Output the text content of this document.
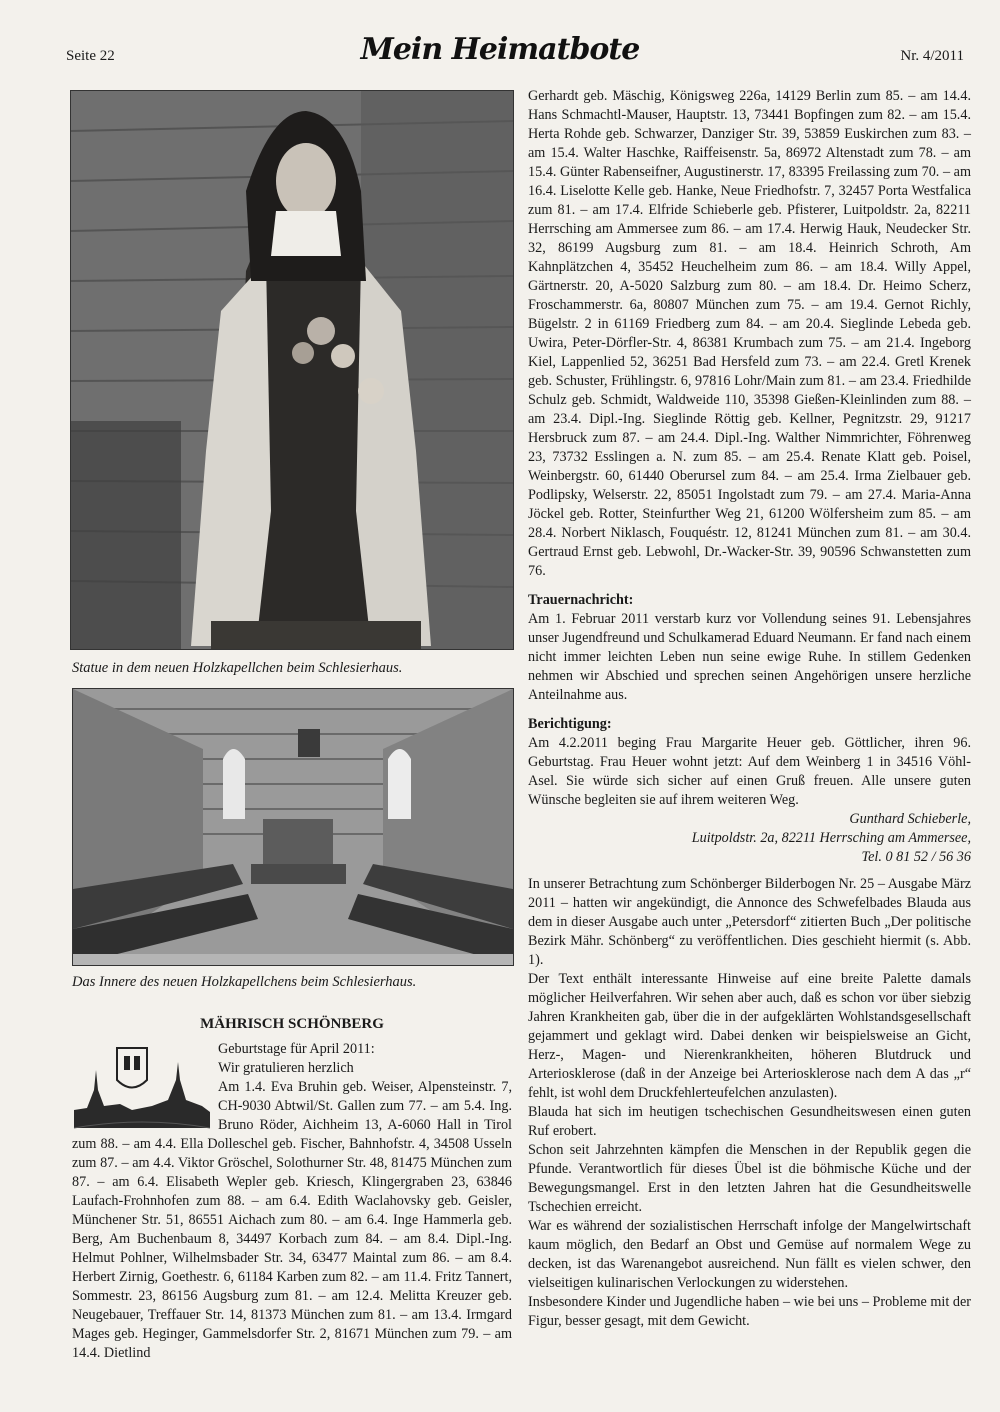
Seite 22	Mein Heimatbote	Nr. 4/2011
Statue in dem neuen Holzkapellchen beim Schlesierhaus.
Das Innere des neuen Holzkapellchens beim Schlesierhaus.
MÄHRISCH SCHÖNBERG

Geburtstage für April 2011:

Wir gratulieren herzlich

Am 1.4. Eva Bruhin geb. Weiser, Alpensteinstr. 7, CH-9030 Abtwil/St. Gallen zum 77. – am 5.4. Ing. Bruno Röder, Aichheim 13, A-6060 Hall in Tirol zum 88. – am 4.4. Ella Dolleschel geb. Fischer, Bahnhofstr. 4, 34508 Usseln zum 87. – am 4.4. Viktor Gröschel, Solothurner Str. 48, 81475 München zum 87. – am 6.4. Elisabeth Wepler geb. Kriesch, Klingergraben 23, 63846 Laufach-Frohnhofen zum 88. – am 6.4. Edith Waclahovsky geb. Geisler, Münchener Str. 51, 86551 Aichach zum 80. – am 6.4. Inge Hammerla geb. Berg, Am Buchenbaum 8, 34497 Korbach zum 84. – am 8.4. Dipl.-Ing. Helmut Pohlner, Wilhelmsbader Str. 34, 63477 Maintal zum 86. – am 8.4. Herbert Zirnig, Goethestr. 6, 61184 Karben zum 82. – am 11.4. Fritz Tannert, Sommestr. 23, 86156 Augsburg zum 81. – am 12.4. Melitta Kreuzer geb. Neugebauer, Treffauer Str. 14, 81373 München zum 81. – am 13.4. Irmgard Mages geb. Heginger, Gammelsdorfer Str. 2, 81671 München zum 79. – am 14.4. Dietlind

Gerhardt geb. Mäschig, Königsweg 226a, 14129 Berlin zum 85. – am 14.4. Hans Schmachtl-Mauser, Hauptstr. 13, 73441 Bopfingen zum 82. – am 15.4. Herta Rohde geb. Schwarzer, Danziger Str. 39, 53859 Euskirchen zum 83. – am 15.4. Walter Haschke, Raiffeisenstr. 5a, 86972 Altenstadt zum 78. – am 15.4. Günter Rabenseifner, Augustinerstr. 17, 83395 Freilassing zum 70. – am 16.4. Liselotte Kelle geb. Hanke, Neue Friedhofstr. 7, 32457 Porta Westfalica zum 81. – am 17.4. Elfride Schieberle geb. Pfisterer, Luitpoldstr. 2a, 82211 Herrsching am Ammersee zum 86. – am 17.4. Herwig Hauk, Neudecker Str. 32, 86199 Augsburg zum 81. – am 18.4. Heinrich Schroth, Am Kahnplätzchen 4, 35452 Heuchelheim zum 86. – am 18.4. Willy Appel, Gärtnerstr. 20, A-5020 Salzburg zum 80. – am 18.4. Dr. Heimo Scherz, Froschammerstr. 6a, 80807 München zum 75. – am 19.4. Gernot Richly, Bügelstr. 2 in 61169 Friedberg zum 84. – am 20.4. Sieglinde Lebeda geb. Uwira, Peter-Dörfler-Str. 4, 86381 Krumbach zum 75. – am 21.4. Ingeborg Kiel, Lappenlied 52, 36251 Bad Hersfeld zum 73. – am 22.4. Gretl Krenek geb. Schuster, Frühlingstr. 6, 97816 Lohr/Main zum 81. – am 23.4. Friedhilde Schulz geb. Schmidt, Waldweide 110, 35398 Gießen-Kleinlinden zum 88. – am 23.4. Dipl.-Ing. Sieglinde Röttig geb. Kellner, Pegnitzstr. 29, 91217 Hersbruck zum 87. – am 24.4. Dipl.-Ing. Walther Nimmrichter, Föhrenweg 23, 73732 Esslingen a. N. zum 85. – am 25.4. Renate Klatt geb. Poisel, Weinbergstr. 60, 61440 Oberursel zum 84. – am 25.4. Irma Zielbauer geb. Podlipsky, Welserstr. 22, 85051 Ingolstadt zum 79. – am 27.4. Maria-Anna Jöckel geb. Rotter, Steinfurther Weg 21, 61200 Wölfersheim zum 85. – am 28.4. Norbert Niklasch, Fouquéstr. 12, 81241 München zum 81. – am 30.4. Gertraud Ernst geb. Lebwohl, Dr.-Wacker-Str. 39, 90596 Schwanstetten zum 76.

Trauernachricht:

Am 1. Februar 2011 verstarb kurz vor Vollendung seines 91. Lebensjahres unser Jugendfreund und Schulkamerad Eduard Neumann. Er fand nach einem nicht immer leichten Leben nun seine ewige Ruhe. In stillem Gedenken nehmen wir Abschied und sprechen seinen Angehörigen unsere herzliche Anteilnahme aus.

Berichtigung:

Am 4.2.2011 beging Frau Margarite Heuer geb. Göttlicher, ihren 96. Geburtstag. Frau Heuer wohnt jetzt: Auf dem Weinberg 1 in 34516 Vöhl-Asel. Sie würde sich sicher auf einen Gruß freuen. Alle unsere guten Wünsche begleiten sie auf ihrem weiteren Weg.

Gunthard Schieberle,

Luitpoldstr. 2a, 82211 Herrsching am Ammersee,

Tel. 0 81 52 / 56 36

In unserer Betrachtung zum Schönberger Bilderbogen Nr. 25 – Ausgabe März 2011 – hatten wir angekündigt, die Annonce des Schwefelbades Blauda aus dem in dieser Ausgabe auch unter „Petersdorf“ zitierten Buch „Der politische Bezirk Mähr. Schönberg“ zu veröffentlichen. Dies geschieht hiermit (s. Abb. 1).

Der Text enthält interessante Hinweise auf eine breite Palette damals möglicher Heilverfahren. Wir sehen aber auch, daß es schon vor über siebzig Jahren Krankheiten gab, über die in der aufgeklärten Wohlstandsgesellschaft gejammert und geklagt wird. Dabei denken wir beispielsweise an Gicht, Herz-, Magen- und Nierenkrankheiten, höheren Blutdruck und Arteriosklerose (daß in der Anzeige bei Arteriosklerose nach dem A das „r“ fehlt, ist wohl dem Druckfehlerteufelchen anzulasten).

Blauda hat sich im heutigen tschechischen Gesundheitswesen einen guten Ruf erobert.

Schon seit Jahrzehnten kämpfen die Menschen in der Republik gegen die Pfunde. Verantwortlich für dieses Übel ist die böhmische Küche und der Bewegungsmangel. Erst in den letzten Jahren hat die Gesundheitswelle Tschechien erreicht.

War es während der sozialistischen Herrschaft infolge der Mangelwirtschaft kaum möglich, den Bedarf an Obst und Gemüse auf normalem Wege zu decken, ist das Warenangebot ausreichend. Nun fällt es vielen schwer, den vielseitigen kulinarischen Verlockungen zu widerstehen.

Insbesondere Kinder und Jugendliche haben – wie bei uns – Probleme mit der Figur, besser gesagt, mit dem Gewicht.
